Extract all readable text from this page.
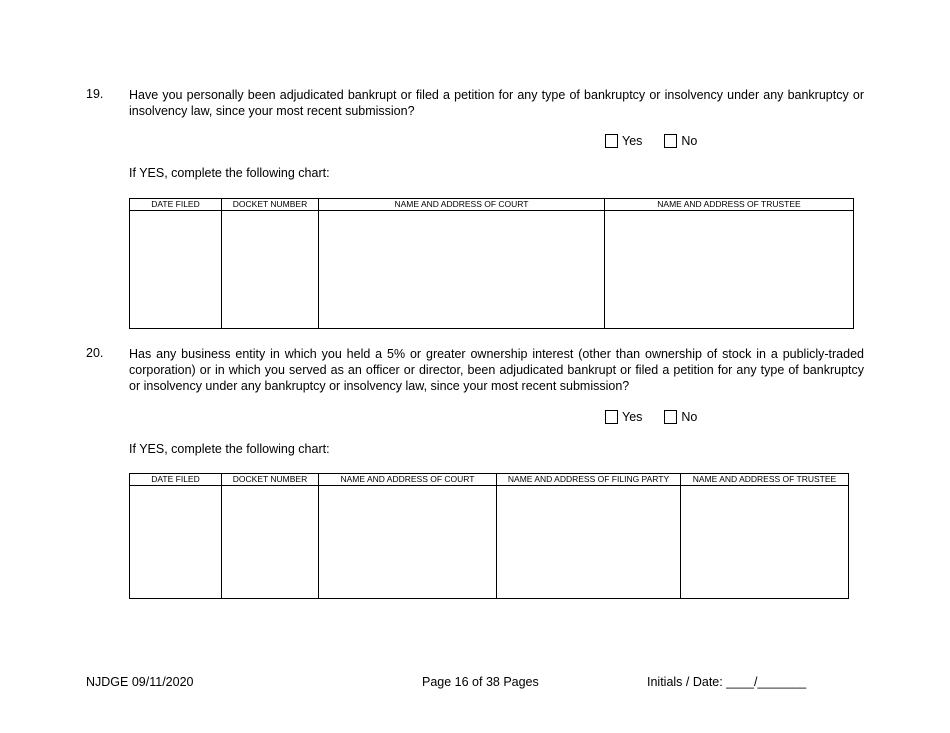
19. Have you personally been adjudicated bankrupt or filed a petition for any type of bankruptcy or insolvency under any bankruptcy or insolvency law, since your most recent submission?
Yes	No
If YES, complete the following chart:
DATE FILED	DOCKET NUMBER	NAME AND ADDRESS OF COURT	NAME AND ADDRESS OF TRUSTEE

20. Has any business entity in which you held a 5% or greater ownership interest (other than ownership of stock in a publicly-traded corporation) or in which you served as an officer or director, been adjudicated bankrupt or filed a petition for any type of bankruptcy or insolvency under any bankruptcy or insolvency law, since your most recent submission?
Yes	No
If YES, complete the following chart:
DATE FILED	DOCKET NUMBER	NAME AND ADDRESS OF COURT	NAME AND ADDRESS OF FILING PARTY	NAME AND ADDRESS OF TRUSTEE

NJDGE 09/11/2020	Page 16 of 38 Pages	Initials / Date: ____/_______
